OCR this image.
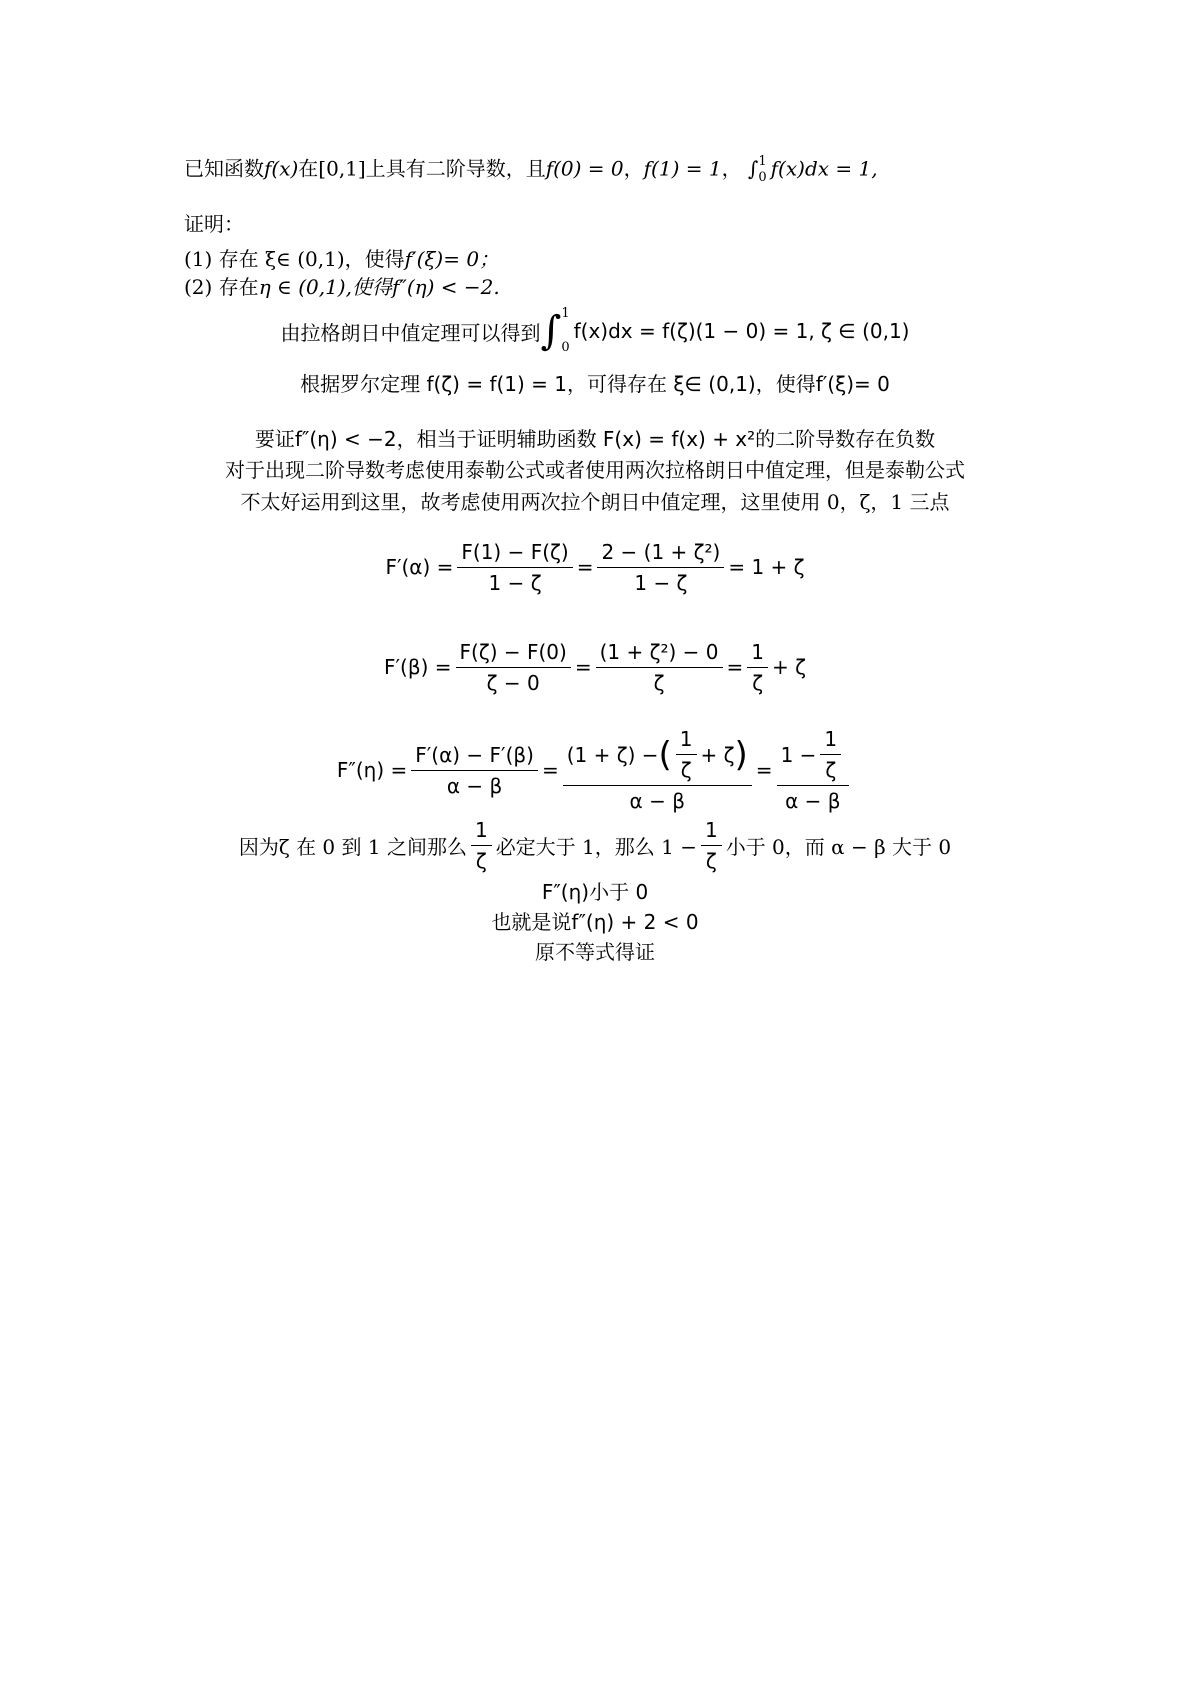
已知函数f(x)在[0,1]上具有二阶导数，且f(0) = 0，f(1) = 1， ∫ 1
0 f(x)dx = 1,
证明：
(1) 存在 ξ∈ (0,1)，使得f′(ξ)= 0；
(2) 存在η ∈ (0,1),使得f″(η) < −2.
由拉格朗日中值定理可以得到 ∫ 1
0
f(x)dx = f(ζ)(1 − 0) = 1, ζ ∈ (0,1)
根据罗尔定理 f(ζ) = f(1) = 1，可得存在 ξ∈ (0,1)，使得f′(ξ)= 0
要证f″(η) < −2，相当于证明辅助函数 F(x) = f(x) + x²的二阶导数存在负数
对于出现二阶导数考虑使用泰勒公式或者使用两次拉格朗日中值定理，但是泰勒公式
不太好运用到这里，故考虑使用两次拉个朗日中值定理，这里使用 0，ζ，1 三点
$F'(\alpha) = \frac{F(1) - F(\zeta)}{1 - \zeta} = \frac{\text{2 − (1 + ζ²)}}{1 - \zeta} = 1 + \zeta$
$F'(\beta) = \frac{F(\zeta) - F(0)}{\zeta - 0} = \frac{\text{(1 + ζ²) − 0}}{\zeta} = \frac{1}{\zeta} + \zeta$
$F''(\eta) = \frac{F'(\alpha) - F'(\beta)}{\alpha - \beta} = \frac{(1 + \zeta) - ( \frac{1}{\zeta} + \zeta )}{\alpha - \beta} = \frac{1 - \frac{1}{\zeta}}{\alpha - \beta}$
因为ζ 在 0 到 1 之间那么 $\frac{1}{\zeta}$ 必定大于 1，那么 $1 - \frac{1}{\zeta}$ 小于 0，而 α − β 大于 0
F″(η)小于 0
也就是说f″(η) + 2 < 0
原不等式得证
